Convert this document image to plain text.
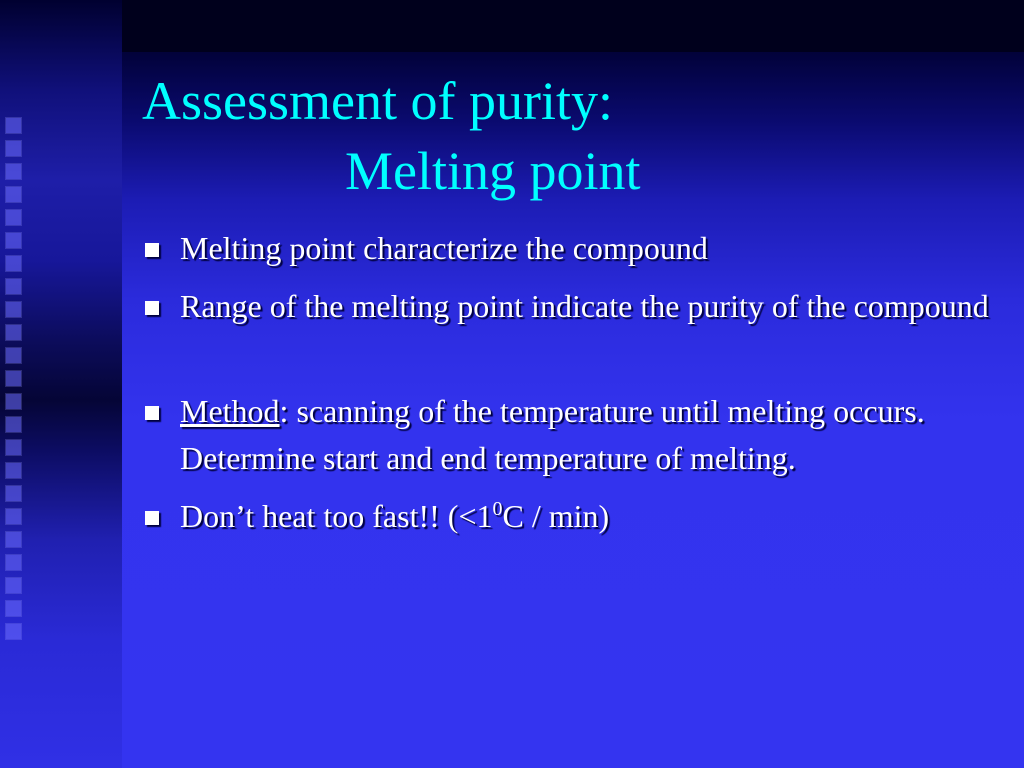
Assessment of purity:
Melting point
Melting point characterize the compound
Range of the melting point indicate the purity of the compound
Method: scanning of the temperature until melting occurs. Determine start and end temperature of melting.
Don’t heat too fast!! $(<1^0C / \min)$
